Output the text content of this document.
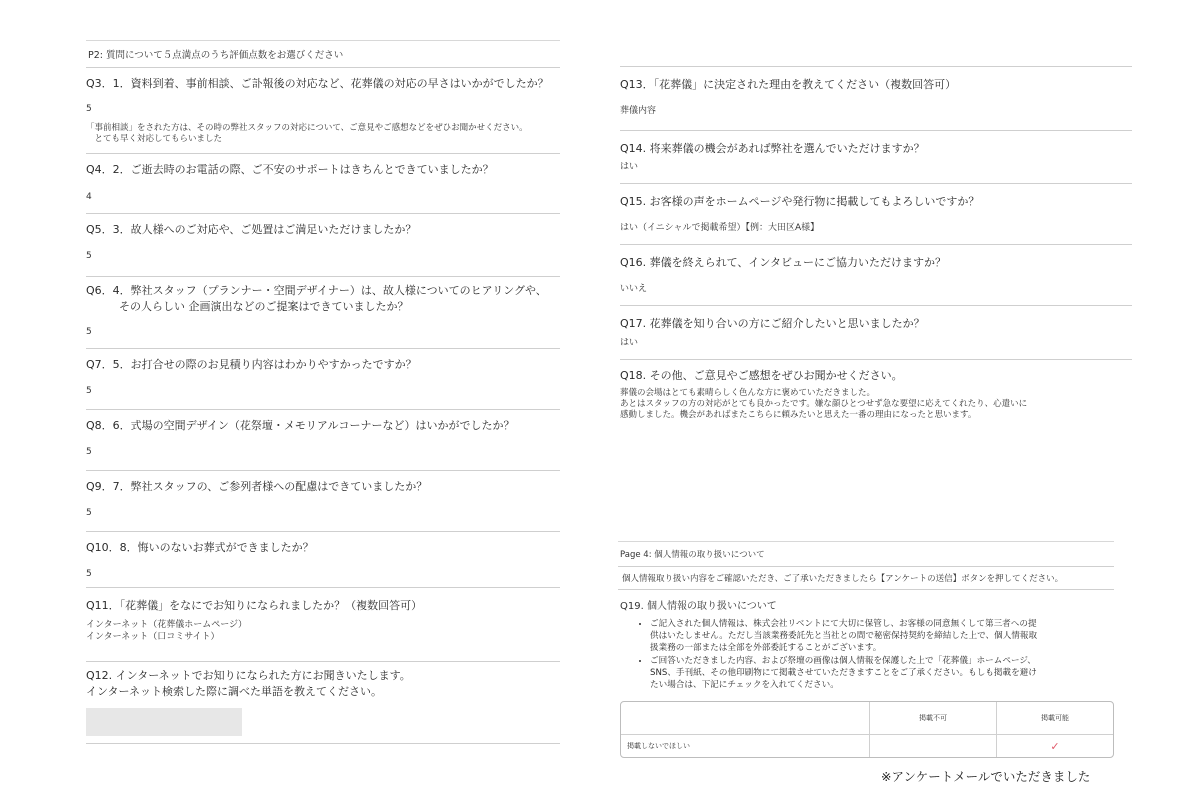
P2: 質問について５点満点のうち評価点数をお選びください
Q3．1．資料到着、事前相談、ご訃報後の対応など、花葬儀の対応の早さはいかがでしたか？
5
「事前相談」をされた方は、その時の弊社スタッフの対応について、ご意見やご感想などをぜひお聞かせください。
　とても早く対応してもらいました
Q4．2．ご逝去時のお電話の際、ご不安のサポートはきちんとできていましたか？
4
Q5．3．故人様へのご対応や、ご処置はご満足いただけましたか？
5
Q6．4．弊社スタッフ（プランナー・空間デザイナー）は、故人様についてのヒアリングや、
　　　その人らしい 企画演出などのご提案はできていましたか？
5
Q7．5．お打合せの際のお見積り内容はわかりやすかったですか？
5
Q8．6．式場の空間デザイン（花祭壇・メモリアルコーナーなど）はいかがでしたか？
5
Q9．7．弊社スタッフの、ご参列者様への配慮はできていましたか？
5
Q10．8．悔いのないお葬式ができましたか？
5
Q11．「花葬儀」をなにでお知りになられましたか？（複数回答可）
インターネット（花葬儀ホームページ）
インターネット（口コミサイト）
Q12. インターネットでお知りになられた方にお聞きいたします。
インターネット検索した際に調べた単語を教えてください。
Q13．「花葬儀」に決定された理由を教えてください（複数回答可）
葬儀内容
Q14. 将来葬儀の機会があれば弊社を選んでいただけますか？
はい
Q15. お客様の声をホームページや発行物に掲載してもよろしいですか？
はい（イニシャルで掲載希望）【例：大田区A様】
Q16. 葬儀を終えられて、インタビューにご協力いただけますか？
いいえ
Q17. 花葬儀を知り合いの方にご紹介したいと思いましたか？
はい
Q18. その他、ご意見やご感想をぜひお聞かせください。
葬儀の会場はとても素晴らしく色んな方に褒めていただきました。
あとはスタッフの方の対応がとても良かったです。嫌な顔ひとつせず急な要望に応えてくれたり、心遣いに
感動しました。機会があればまたこちらに頼みたいと思えた一番の理由になったと思います。
Page 4: 個人情報の取り扱いについて
個人情報取り扱い内容をご確認いただき、ご了承いただきましたら【アンケートの送信】ボタンを押してください。
Q19. 個人情報の取り扱いについて
• ご記入された個人情報は、株式会社リベントにて大切に保管し、お客様の同意無くして第三者への提
供はいたしません。ただし当該業務委託先と当社との間で秘密保持契約を締結した上で、個人情報取
扱業務の一部または全部を外部委託することがございます。
• ご回答いただきました内容、および祭壇の画像は個人情報を保護した上で「花葬儀」ホームページ、
SNS、手刊紙、その他印刷物にて掲載させていただきますことをご了承ください。もしも掲載を避け
たい場合は、下記にチェックを入れてください。
	掲載不可	掲載可能
掲載しないでほしい		✓
※アンケートメールでいただきました
